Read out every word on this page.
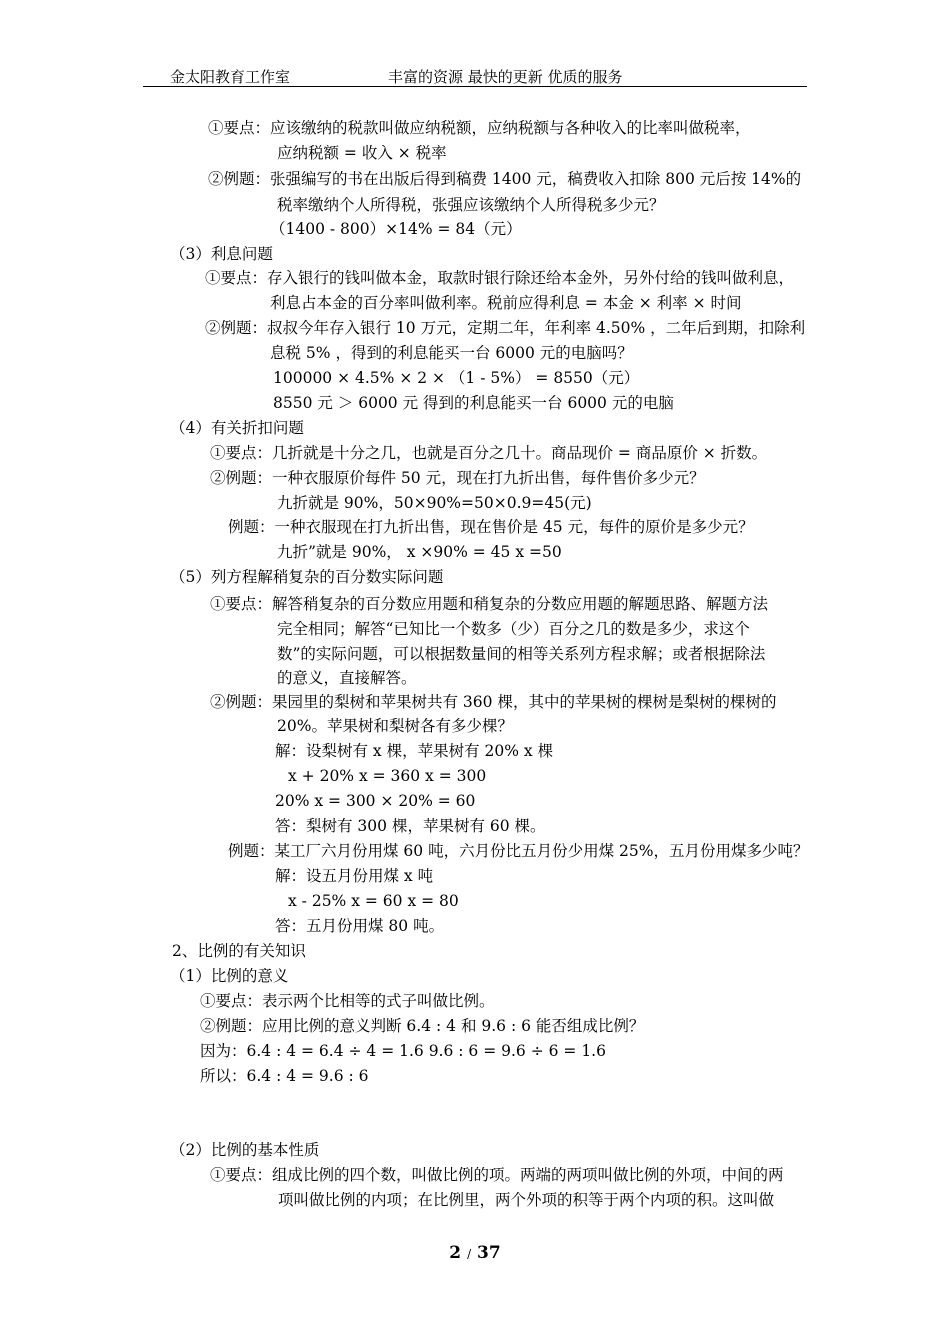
金太阳教育工作室	丰富的资源 最快的更新 优质的服务
①要点：应该缴纳的税款叫做应纳税额，应纳税额与各种收入的比率叫做税率，
应纳税额 = 收入 × 税率
②例题：张强编写的书在出版后得到稿费 1400 元，稿费收入扣除 800 元后按 14%的
税率缴纳个人所得税，张强应该缴纳个人所得税多少元？
（1400 - 800）×14% = 84（元）
（3）利息问题
①要点：存入银行的钱叫做本金，取款时银行除还给本金外，另外付给的钱叫做利息，
利息占本金的百分率叫做利率。税前应得利息 = 本金 × 利率 × 时间
②例题：叔叔今年存入银行 10 万元，定期二年，年利率 4.50% ，二年后到期，扣除利
息税 5% ，得到的利息能买一台 6000 元的电脑吗？
100000 × 4.5% × 2 × （1 - 5%） = 8550（元）
8550 元 ＞ 6000 元 得到的利息能买一台 6000 元的电脑
（4）有关折扣问题
①要点：几折就是十分之几，也就是百分之几十。商品现价 = 商品原价 × 折数。
②例题：一种衣服原价每件 50 元，现在打九折出售，每件售价多少元？
九折就是 90%，50×90%=50×0.9=45(元)
例题：一种衣服现在打九折出售，现在售价是 45 元，每件的原价是多少元？
九折”就是 90%， x ×90% = 45 x =50
（5）列方程解稍复杂的百分数实际问题
①要点：解答稍复杂的百分数应用题和稍复杂的分数应用题的解题思路、解题方法
完全相同；解答“已知比一个数多（少）百分之几的数是多少，求这个
数”的实际问题，可以根据数量间的相等关系列方程求解；或者根据除法
的意义，直接解答。
②例题：果园里的梨树和苹果树共有 360 棵，其中的苹果树的棵树是梨树的棵树的
20%。苹果树和梨树各有多少棵？
解：设梨树有 x 棵，苹果树有 20% x 棵
x + 20% x = 360 x = 300
20% x = 300 × 20% = 60
答：梨树有 300 棵，苹果树有 60 棵。
例题：某工厂六月份用煤 60 吨，六月份比五月份少用煤 25%，五月份用煤多少吨？
解：设五月份用煤 x 吨
x - 25% x = 60 x = 80
答：五月份用煤 80 吨。
2、比例的有关知识
（1）比例的意义
①要点：表示两个比相等的式子叫做比例。
②例题：应用比例的意义判断 6.4 : 4 和 9.6 : 6 能否组成比例？
因为：6.4 : 4 = 6.4 ÷ 4 = 1.6 9.6 : 6 = 9.6 ÷ 6 = 1.6
所以：6.4 : 4 = 9.6 : 6
（2）比例的基本性质
①要点：组成比例的四个数，叫做比例的项。两端的两项叫做比例的外项，中间的两
项叫做比例的内项；在比例里，两个外项的积等于两个内项的积。这叫做
2 / 37
